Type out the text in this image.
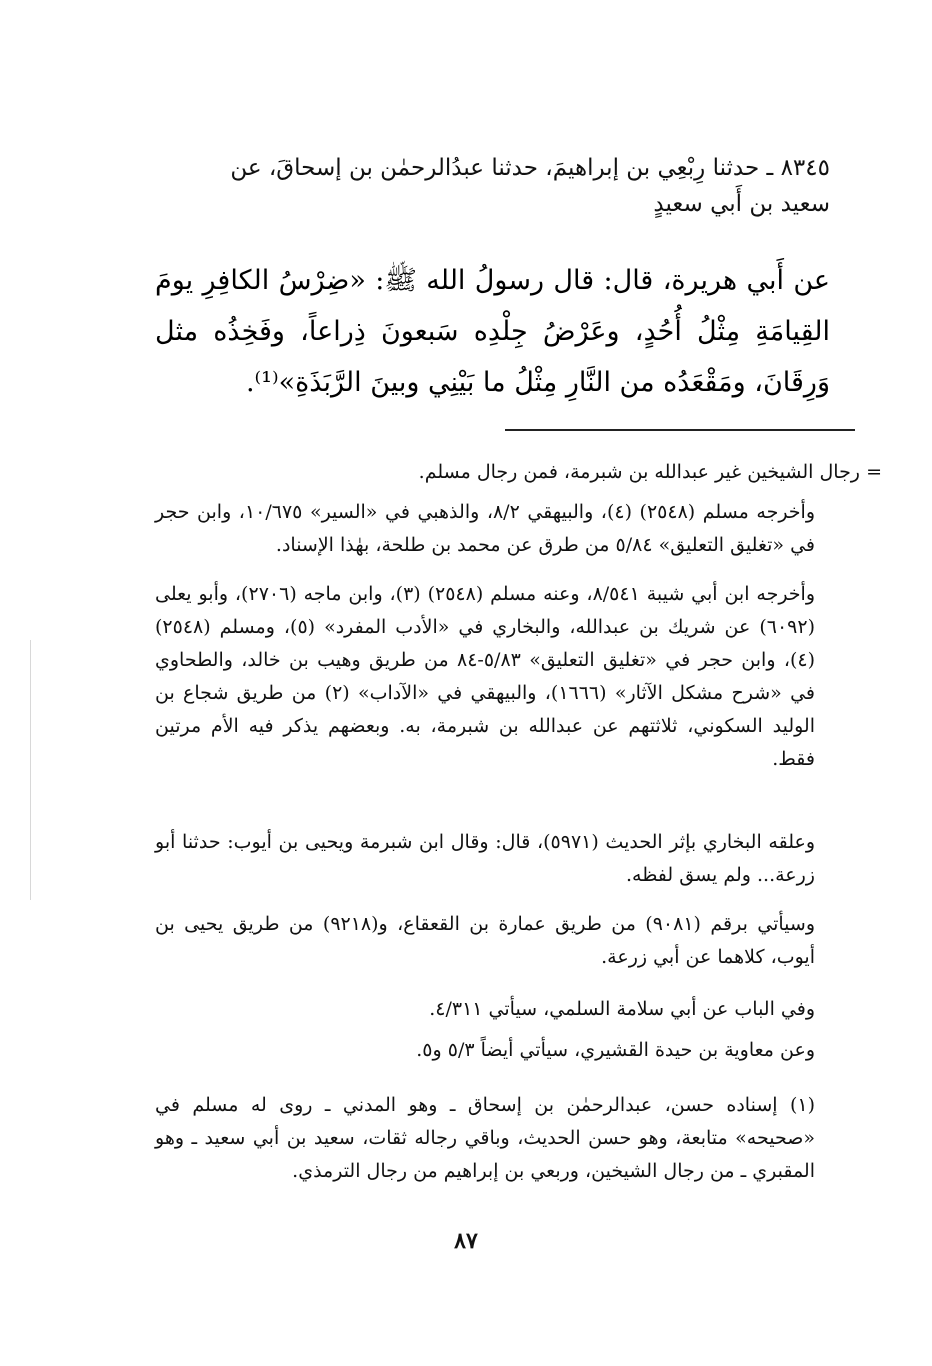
٨٣٤٥ ـ حدثنا رِبْعِي بن إبراهيمَ، حدثنا عبدُالرحمٰن بن إسحاقَ، عن
سعيد بن أَبي سعيدٍ

عن أَبي هريرة، قال: قال رسولُ الله ﷺ: «ضِرْسُ الكافِرِ يومَ القِيامَةِ مِثْلُ أُحُدٍ، وعَرْضُ جِلْدِه سَبعونَ ذِراعاً، وفَخِذُه مثل وَرِقَانَ، ومَقْعَدُه من النَّارِ مِثْلُ ما بَيْنِي وبينَ الرَّبَذَةِ»⁽¹⁾.

=
رجال الشيخين غير عبدالله بن شبرمة، فمن رجال مسلم.

وأخرجه مسلم (٢٥٤٨) (٤)، والبيهقي ٨/٢، والذهبي في «السير» ١٠/٦٧٥، وابن حجر في «تغليق التعليق» ٥/٨٤ من طرق عن محمد بن طلحة، بهٰذا الإسناد.

وأخرجه ابن أبي شيبة ٨/٥٤١، وعنه مسلم (٢٥٤٨) (٣)، وابن ماجه (٢٧٠٦)، وأبو يعلى (٦٠٩٢) عن شريك بن عبدالله، والبخاري في «الأدب المفرد» (٥)، ومسلم (٢٥٤٨) (٤)، وابن حجر في «تغليق التعليق» ٥/٨٣-٨٤ من طريق وهيب بن خالد، والطحاوي في «شرح مشكل الآثار» (١٦٦٦)، والبيهقي في «الآداب» (٢) من طريق شجاع بن الوليد السكوني، ثلاثتهم عن عبدالله بن شبرمة، به. وبعضهم يذكر فيه الأم مرتين فقط.

وعلقه البخاري بإثر الحديث (٥٩٧١)، قال: وقال ابن شبرمة ويحيى بن أيوب: حدثنا أبو زرعة... ولم يسق لفظه.

وسيأتي برقم (٩٠٨١) من طريق عمارة بن القعقاع، و(٩٢١٨) من طريق يحيى بن أيوب، كلاهما عن أبي زرعة.

وفي الباب عن أبي سلامة السلمي، سيأتي ٤/٣١١.

وعن معاوية بن حيدة القشيري، سيأتي أيضاً ٥/٣ و٥.

(١) إسناده حسن، عبدالرحمٰن بن إسحاق ـ وهو المدني ـ روى له مسلم في «صحيحه» متابعة، وهو حسن الحديث، وباقي رجاله ثقات، سعيد بن أبي سعيد ـ وهو المقبري ـ من رجال الشيخين، وربعي بن إبراهيم من رجال الترمذي.

٨٧
